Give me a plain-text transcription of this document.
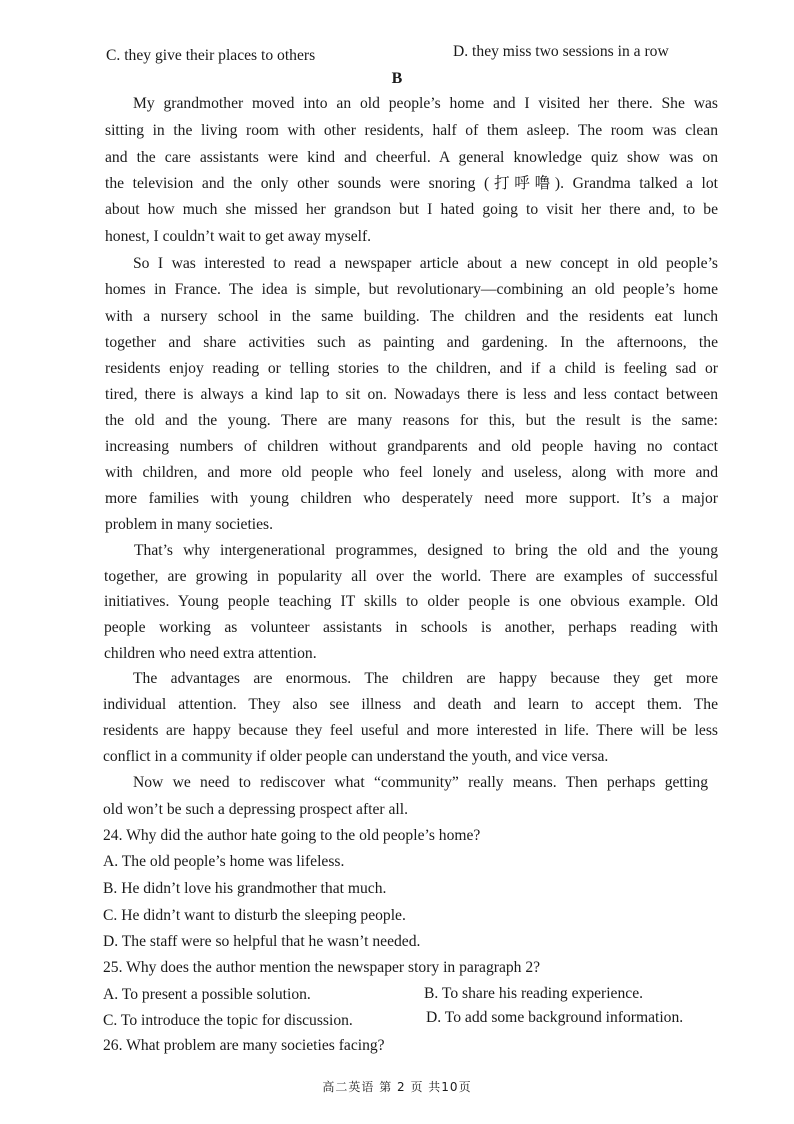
C. they give their places to others	D. they miss two sessions in a row
B
My grandmother moved into an old people’s home and I visited her there. She was
sitting in the living room with other residents, half of them asleep. The room was clean
and the care assistants were kind and cheerful. A general knowledge quiz show was on
the television and the only other sounds were snoring (打呼噜). Grandma talked a lot
about how much she missed her grandson but I hated going to visit her there and, to be
honest, I couldn’t wait to get away myself.
So I was interested to read a newspaper article about a new concept in old people’s
homes in France. The idea is simple, but revolutionary—combining an old people’s home
with a nursery school in the same building. The children and the residents eat lunch
together and share activities such as painting and gardening. In the afternoons, the
residents enjoy reading or telling stories to the children, and if a child is feeling sad or
tired, there is always a kind lap to sit on. Nowadays there is less and less contact between
the old and the young. There are many reasons for this, but the result is the same:
increasing numbers of children without grandparents and old people having no contact
with children, and more old people who feel lonely and useless, along with more and
more families with young children who desperately need more support. It’s a major
problem in many societies.
That’s why intergenerational programmes, designed to bring the old and the young
together, are growing in popularity all over the world. There are examples of successful
initiatives. Young people teaching IT skills to older people is one obvious example. Old
people working as volunteer assistants in schools is another, perhaps reading with
children who need extra attention.
The advantages are enormous. The children are happy because they get more
individual attention. They also see illness and death and learn to accept them. The
residents are happy because they feel useful and more interested in life. There will be less
conflict in a community if older people can understand the youth, and vice versa.
Now we need to rediscover what “community” really means. Then perhaps getting
old won’t be such a depressing prospect after all.
24. Why did the author hate going to the old people’s home?
A. The old people’s home was lifeless.
B. He didn’t love his grandmother that much.
C. He didn’t want to disturb the sleeping people.
D. The staff were so helpful that he wasn’t needed.
25. Why does the author mention the newspaper story in paragraph 2?
A. To present a possible solution.	B. To share his reading experience.
C. To introduce the topic for discussion.	D. To add some background information.
26. What problem are many societies facing?
高二英语 第 2 页 共10页
